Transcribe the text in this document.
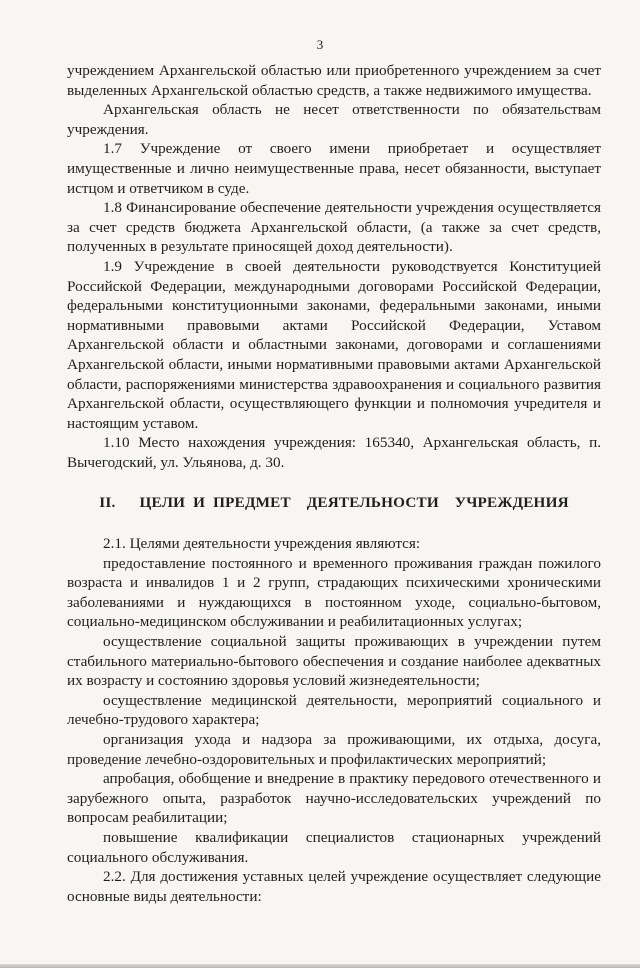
3

учреждением Архангельской областью или приобретенного учреждением за счет выделенных Архангельской областью средств, а также недвижимого имущества.

Архангельская область не несет ответственности по обязательствам учреждения.

1.7 Учреждение от своего имени приобретает и осуществляет имущественные и лично неимущественные права, несет обязанности, выступает истцом и ответчиком в суде.

1.8 Финансирование обеспечение деятельности учреждения осуществляется за счет средств бюджета Архангельской области, (а также за счет средств, полученных в результате приносящей доход деятельности).

1.9 Учреждение в своей деятельности руководствуется Конституцией Российской Федерации, международными договорами Российской Федерации, федеральными конституционными законами, федеральными законами, иными нормативными правовыми актами Российской Федерации, Уставом Архангельской области и областными законами, договорами и соглашениями Архангельской области, иными нормативными правовыми актами Архангельской области, распоряжениями министерства здравоохранения и социального развития Архангельской области, осуществляющего функции и полномочия учредителя и настоящим уставом.

1.10 Место нахождения учреждения: 165340, Архангельская область, п. Вычегодский, ул. Ульянова, д. 30.

II.   ЦЕЛИ И ПРЕДМЕТ  ДЕЯТЕЛЬНОСТИ  УЧРЕЖДЕНИЯ

2.1. Целями деятельности учреждения являются:

предоставление постоянного и временного проживания граждан пожилого возраста и инвалидов 1 и 2 групп, страдающих психическими хроническими заболеваниями и нуждающихся в постоянном уходе, социально-бытовом, социально-медицинском обслуживании и реабилитационных услугах;

осуществление социальной защиты проживающих в учреждении путем стабильного материально-бытового обеспечения и создание наиболее адекватных их возрасту и состоянию здоровья условий жизнедеятельности;

осуществление медицинской деятельности, мероприятий социального и лечебно-трудового характера;

организация ухода и надзора за проживающими, их отдыха, досуга, проведение лечебно-оздоровительных и профилактических мероприятий;

апробация, обобщение и внедрение в практику передового отечественного и зарубежного опыта, разработок научно-исследовательских учреждений по вопросам реабилитации;

повышение квалификации специалистов стационарных учреждений социального обслуживания.

2.2. Для достижения уставных целей учреждение осуществляет следующие основные виды деятельности:
